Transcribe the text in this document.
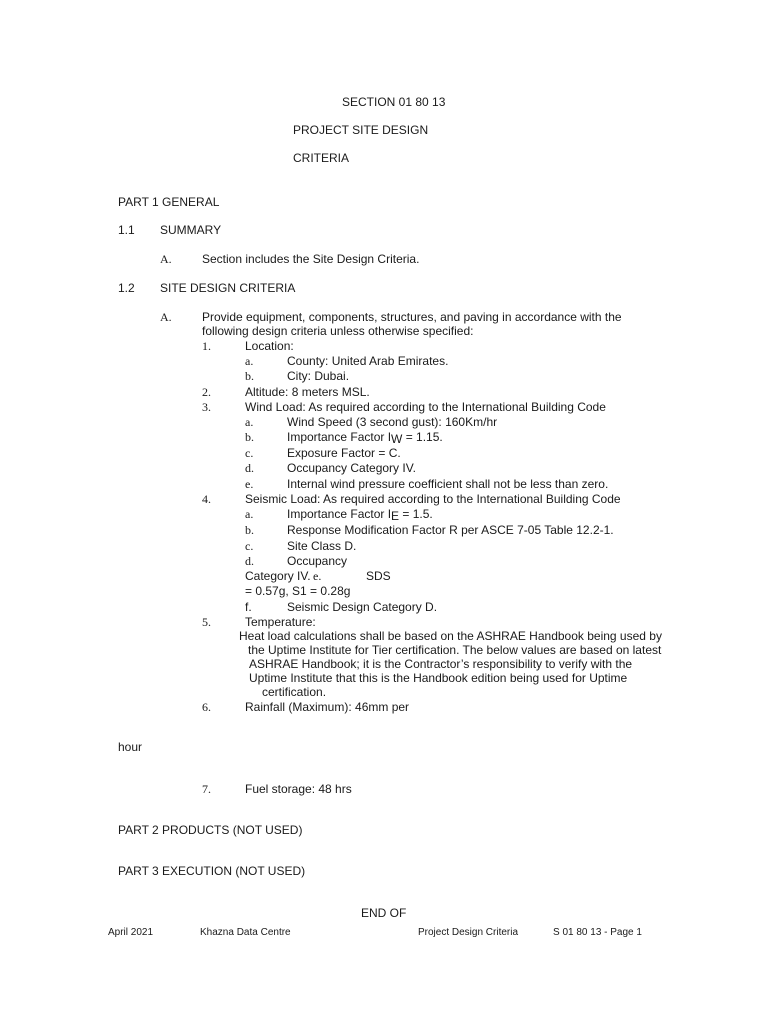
SECTION 01 80 13
PROJECT SITE DESIGN
CRITERIA
PART 1 GENERAL
1.1 SUMMARY
A.	Section includes the Site Design Criteria.
1.2 SITE DESIGN CRITERIA
A.	Provide equipment, components, structures, and paving in accordance with the
following design criteria unless otherwise specified:
1.	Location:
a.	County: United Arab Emirates.
b.	City: Dubai.
2.	Altitude: 8 meters MSL.
3.	Wind Load: As required according to the International Building Code
a.	Wind Speed (3 second gust): 160Km/hr
b.	Importance Factor IW = 1.15.
c.	Exposure Factor = C.
d.	Occupancy Category IV.
e.	Internal wind pressure coefficient shall not be less than zero.
4.	Seismic Load: As required according to the International Building Code
a.	Importance Factor IE = 1.5.
b.	Response Modification Factor R per ASCE 7-05 Table 12.2-1.
c.	Site Class D.
d.	Occupancy
Category IV. e.	SDS
= 0.57g, S1 = 0.28g
f.	Seismic Design Category D.
5.	Temperature:
Heat load calculations shall be based on the ASHRAE Handbook being used by
the Uptime Institute for Tier certification. The below values are based on latest
ASHRAE Handbook; it is the Contractor’s responsibility to verify with the
Uptime Institute that this is the Handbook edition being used for Uptime
certification.
6.	Rainfall (Maximum): 46mm per
hour
7.	Fuel storage: 48 hrs
PART 2 PRODUCTS (NOT USED)
PART 3 EXECUTION (NOT USED)
END OF
April 2021	Khazna Data Centre	Project Design Criteria	S 01 80 13 - Page 1
